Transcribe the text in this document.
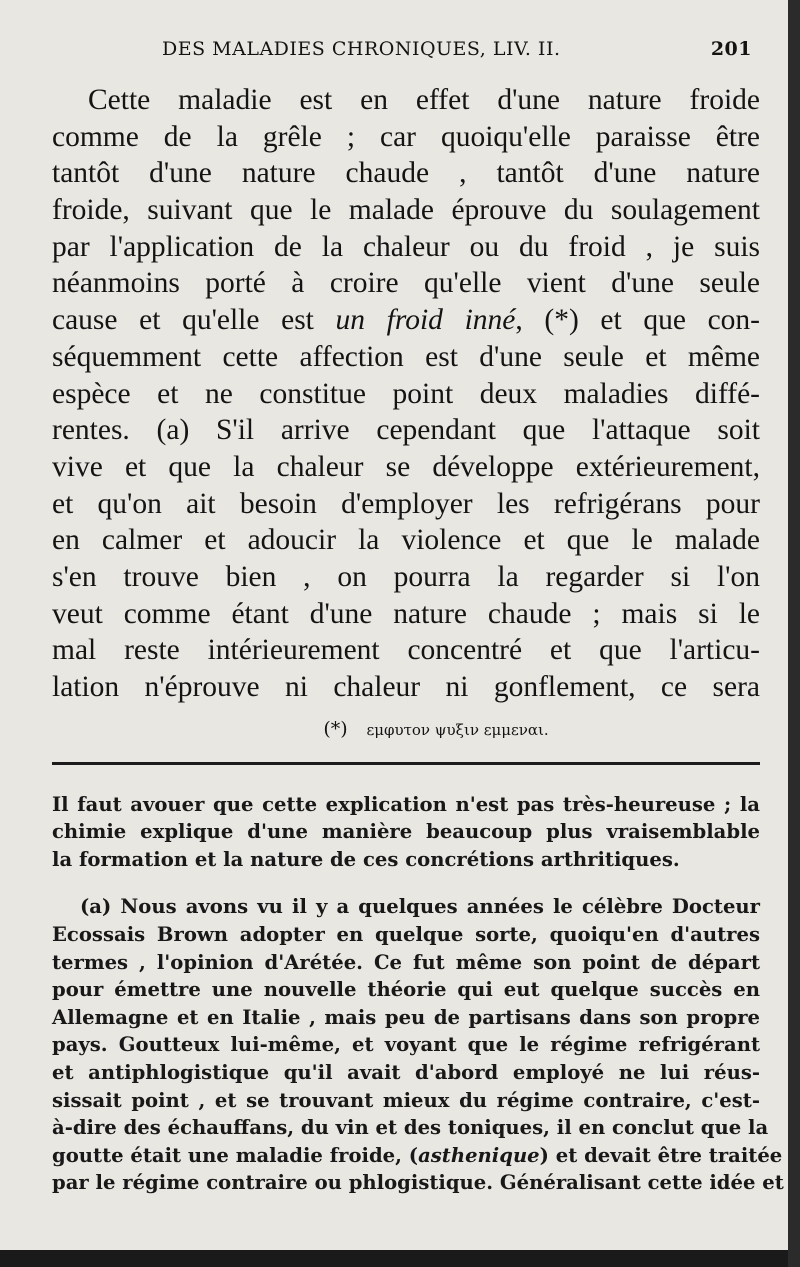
DES MALADIES CHRONIQUES, LIV. II.	201

Cette maladie est en effet d'une nature froide

comme de la grêle ; car quoiqu'elle paraisse être

tantôt d'une nature chaude , tantôt d'une nature

froide, suivant que le malade éprouve du soulagement

par l'application de la chaleur ou du froid , je suis

néanmoins porté à croire qu'elle vient d'une seule

cause et qu'elle est un froid inné, (*) et que con-

séquemment cette affection est d'une seule et même

espèce et ne constitue point deux maladies diffé-

rentes. (a) S'il arrive cependant que l'attaque soit

vive et que la chaleur se développe extérieurement,

et qu'on ait besoin d'employer les refrigérans pour

en calmer et adoucir la violence et que le malade

s'en trouve bien , on pourra la regarder si l'on

veut comme étant d'une nature chaude ; mais si le

mal reste intérieurement concentré et que l'articu-

lation n'éprouve ni chaleur ni gonflement, ce sera

(*) εμφυτον ψυξιν εμμεναι.

Il faut avouer que cette explication n'est pas très-heureuse ; la

chimie explique d'une manière beaucoup plus vraisemblable

la formation et la nature de ces concrétions arthritiques.

(a) Nous avons vu il y a quelques années le célèbre Docteur

Ecossais Brown adopter en quelque sorte, quoiqu'en d'autres

termes , l'opinion d'Arétée. Ce fut même son point de départ

pour émettre une nouvelle théorie qui eut quelque succès en

Allemagne et en Italie , mais peu de partisans dans son propre

pays. Goutteux lui-même, et voyant que le régime refrigérant

et antiphlogistique qu'il avait d'abord employé ne lui réus-

sissait point , et se trouvant mieux du régime contraire, c'est-

à-dire des échauffans, du vin et des toniques, il en conclut que la

goutte était une maladie froide, (asthenique) et devait être traitée

par le régime contraire ou phlogistique. Généralisant cette idée et
